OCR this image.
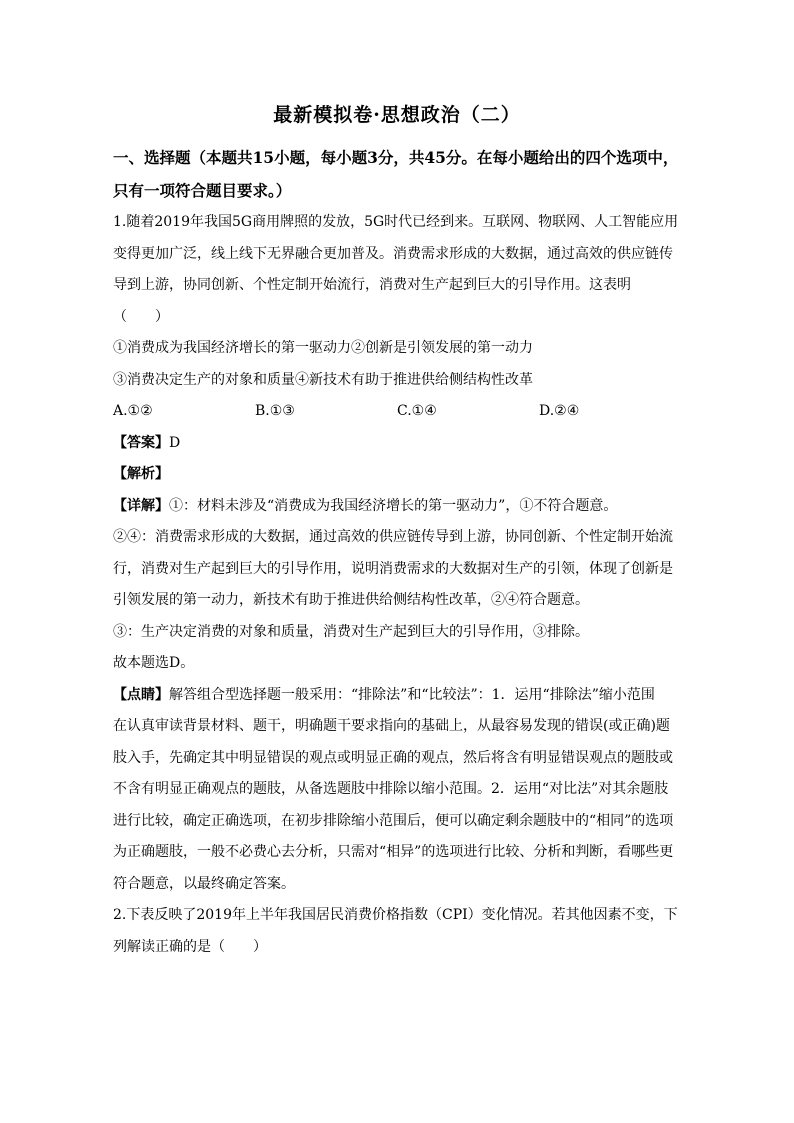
最新模拟卷·思想政治（二）
一、选择题（本题共15小题，每小题3分，共45分。在每小题给出的四个选项中，只有一项符合题目要求。）

1.随着2019年我国5G商用牌照的发放，5G时代已经到来。互联网、物联网、人工智能应用变得更加广泛，线上线下无界融合更加普及。消费需求形成的大数据，通过高效的供应链传导到上游，协同创新、个性定制开始流行，消费对生产起到巨大的引导作用。这表明

（　　）

①消费成为我国经济增长的第一驱动力②创新是引领发展的第一动力

③消费决定生产的对象和质量④新技术有助于推进供给侧结构性改革

A.①②	B.①③	C.①④	D.②④

【答案】D

【解析】

【详解】①：材料未涉及“消费成为我国经济增长的第一驱动力”，①不符合题意。

②④：消费需求形成的大数据，通过高效的供应链传导到上游，协同创新、个性定制开始流行，消费对生产起到巨大的引导作用，说明消费需求的大数据对生产的引领，体现了创新是引领发展的第一动力，新技术有助于推进供给侧结构性改革，②④符合题意。

③：生产决定消费的对象和质量，消费对生产起到巨大的引导作用，③排除。

故本题选D。

【点睛】解答组合型选择题一般采用：“排除法”和“比较法”：1．运用“排除法”缩小范围　在认真审读背景材料、题干，明确题干要求指向的基础上，从最容易发现的错误(或正确)题肢入手，先确定其中明显错误的观点或明显正确的观点，然后将含有明显错误观点的题肢或不含有明显正确观点的题肢，从备选题肢中排除以缩小范围。2．运用“对比法”对其余题肢进行比较，确定正确选项，在初步排除缩小范围后，便可以确定剩余题肢中的“相同”的选项为正确题肢，一般不必费心去分析，只需对“相异”的选项进行比较、分析和判断，看哪些更符合题意，以最终确定答案。

2.下表反映了2019年上半年我国居民消费价格指数（CPI）变化情况。若其他因素不变，下列解读正确的是（　　）
